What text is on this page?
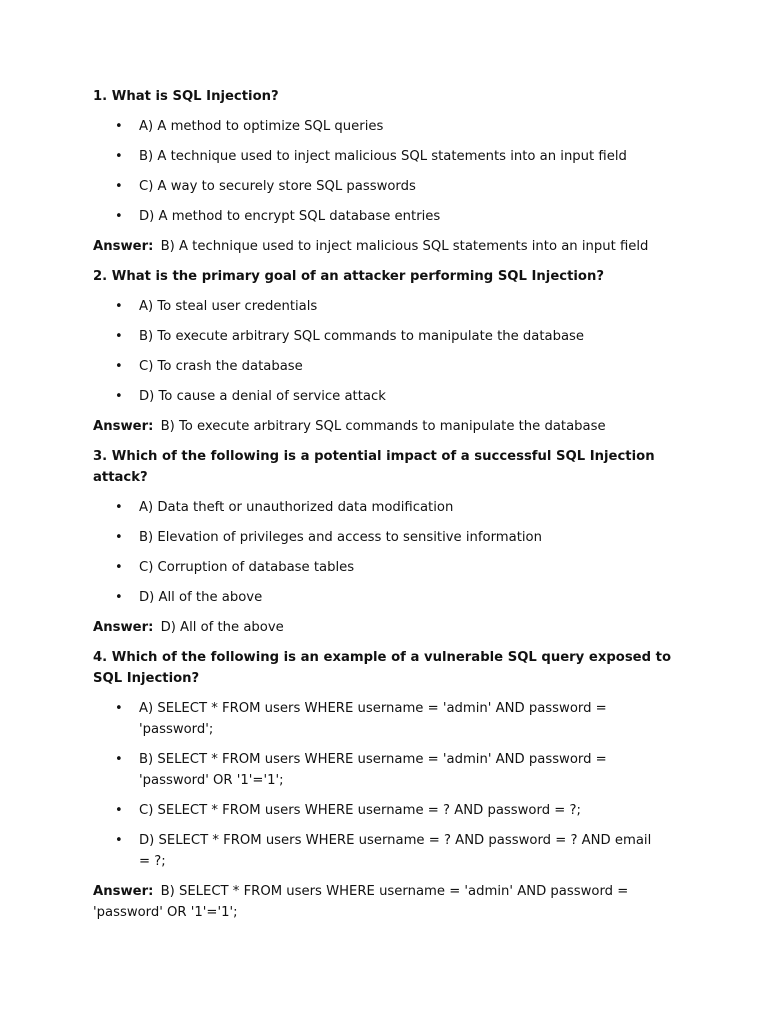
1. What is SQL Injection?
• A) A method to optimize SQL queries
• B) A technique used to inject malicious SQL statements into an input field
• C) A way to securely store SQL passwords
• D) A method to encrypt SQL database entries
Answer: B) A technique used to inject malicious SQL statements into an input field
2. What is the primary goal of an attacker performing SQL Injection?
• A) To steal user credentials
• B) To execute arbitrary SQL commands to manipulate the database
• C) To crash the database
• D) To cause a denial of service attack
Answer: B) To execute arbitrary SQL commands to manipulate the database
3. Which of the following is a potential impact of a successful SQL Injection attack?
• A) Data theft or unauthorized data modification
• B) Elevation of privileges and access to sensitive information
• C) Corruption of database tables
• D) All of the above
Answer: D) All of the above
4. Which of the following is an example of a vulnerable SQL query exposed to SQL Injection?
• A) SELECT * FROM users WHERE username = 'admin' AND password = 'password';
• B) SELECT * FROM users WHERE username = 'admin' AND password = 'password' OR '1'='1';
• C) SELECT * FROM users WHERE username = ? AND password = ?;
• D) SELECT * FROM users WHERE username = ? AND password = ? AND email = ?;
Answer: B) SELECT * FROM users WHERE username = 'admin' AND password = 'password' OR '1'='1';
